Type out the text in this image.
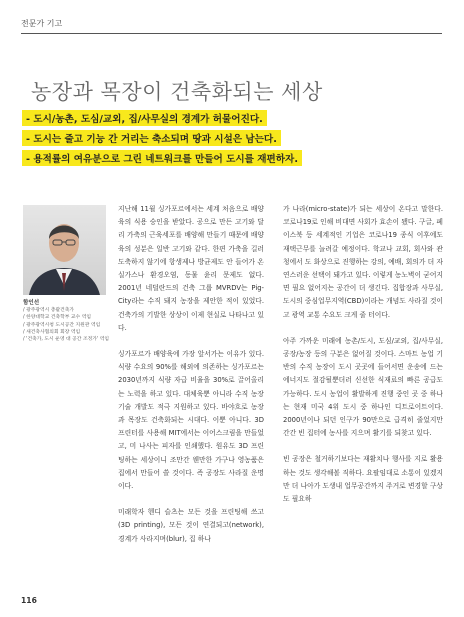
전문가 기고
농장과 목장이 건축화되는 세상
- 도시/농촌, 도심/교외, 집/사무실의 경계가 허물어진다.
- 도시는 줄고 기능 간 거리는 축소되며 땅과 시설은 남는다.
- 용적률의 여유분으로 그린 네트워크를 만들어 도시를 재편하자.
함인선
/ 광주광역시 총괄건축가
/ 한양대학교 건축학부 교수 역임
/ 광주광역시청 도시공간 지원관 역임
/ 새건축사협의회 회장 역임
/ '건축가, 도시 운영 대 공간 조정가' 역임

지난해 11월 싱가포르에서는 세계 처음으로 배양육의 식용 승인을 받았다. 공으로 만든 고기와 달리 가축의 근육세포를 배양해 만들기 때문에 배양육의 성분은 일반 고기와 같다. 한편 가축을 길러 도축하지 않기에 항생제나 방균제도 안 들어가 온실가스나 환경오염, 동물 윤리 문제도 없다. 2001년 네덜란드의 건축 그룹 MVRDV는 Pig-City라는 수직 돼지 농장을 제안한 적이 있었다. 건축가의 기발한 상상이 이제 현실로 나타나고 있다.

싱가포르가 배양육에 가장 앞서가는 이유가 있다. 식량 수요의 90%를 해외에 의존하는 싱가포르는 2030년까지 식량 자급 비율을 30%로 끌어올리는 노력을 하고 있다. 대체육뿐 아니라 수직 농장 기술 개발도 적극 지원하고 있다. 바야흐로 농장과 목장도 건축화되는 시대다. 이뿐 아니다. 3D 프린터를 사용해 MIT에서는 이어스크림을 만들었고, 미 나사는 피자를 인쇄했다. 원유도 3D 프린팅하는 세상이니 조만간 웬만한 가구나 영농품은 집에서 만들어 쓸 것이다. 즉 공장도 사라질 운명이다.

미래학자 헨디 슬츠는 모든 것을 프린팅해 쓰고(3D printing), 모든 것이 연결되고(network), 경계가 사라지며(blur), 집 하나

가 나라(micro-state)가 되는 세상이 온다고 말한다. 코로나19로 인해 비대면 사회가 효손이 됐다. 구글, 페이스북 등 세계적인 기업은 코로나19 종식 이후에도 재택근무를 늘려갈 예정이다. 학교나 교회, 회사와 관청에서 도 화상으로 진행하는 강의, 예배, 회의가 더 자연스러운 선택이 돼가고 있다. 이렇게 농노벽이 굳어지면 필요 없어지는 공간이 더 생긴다. 집합장과 사무실, 도시의 중심업무지역(CBD)이라는 개념도 사라질 것이고 광역 교통 수요도 크게 줄 터이다.

아주 가까운 미래에 농촌/도시, 도심/교외, 집/사무실, 공장/농장 등의 구분은 없어질 것이다. 스마트 농업 기반의 수직 농장이 도시 곳곳에 들어서면 운송에 드는 에너지도 절감될뿐더러 신선한 식재료의 빠른 공급도 가능하다. 도시 농업이 활발하게 진행 중인 곳 중 하나는 현재 미국 4위 도시 중 하나인 디트로이트이다. 2000년이나 되던 인구가 90만으로 급격히 줄었지만 간간 빈 집터에 농사를 지으며 활기를 되찾고 있다.

빈 공장은 철거하기보다는 재활치나 행사를 지로 활용하는 것도 생각해볼 직하다. 요팔임대로 소통이 있겠지만 더 나아가 도생내 업무공간까지 주거로 변경할 구상도 필요하

116
